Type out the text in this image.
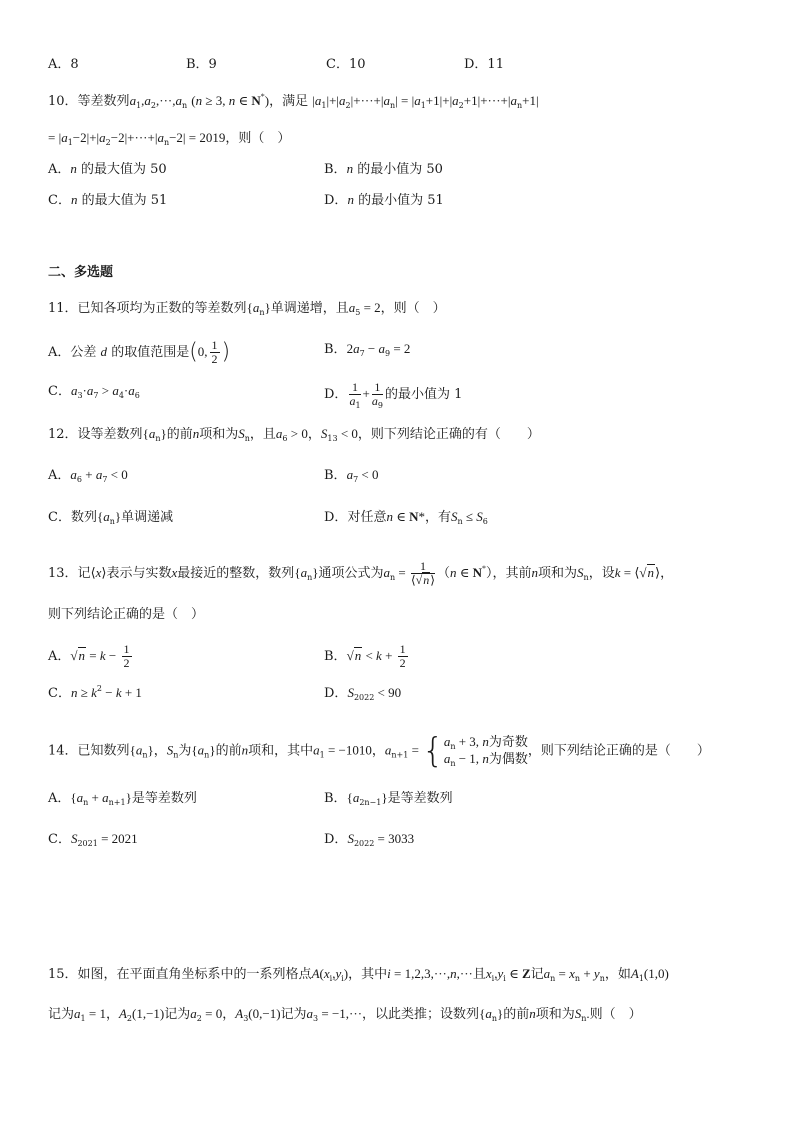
A．8	B．9	C．10	D．11
10．等差数列$a_1,a_2,\cdot\cdot\cdot,a_n$ (n ≥ 3, n ∈ N*)，满足 $|a_1|+|a_2|+\cdot\cdot\cdot+|a_n| = |a_1+1|+|a_2+1|+\cdot\cdot\cdot+|a_n+1|$
= $|a_1-2|+|a_2-2|+\cdot\cdot\cdot+|a_n-2| = 2019$，则（　）
A．n 的最大值为 50	B．n 的最小值为 50
C．n 的最大值为 51	D．n 的最小值为 51
二、多选题
11．已知各项均为正数的等差数列$\{a_n\}$单调递增，且$a_5 = 2$，则（　）
A．公差 d 的取值范围是(0, $\frac{1}{2}$ )	B．$2a_7 - a_9 = 2$
C．$a_3\cdot a_7 > a_4\cdot a_6$	D． $\frac{1}{a_1} + \frac{1}{a_9}$ 的最小值为 1
12．设等差数列$\{a_n\}$的前n项和为$S_n$，且$a_6 > 0$，$S_{13} < 0$，则下列结论正确的有（　　）
A．$a_6 + a_7 < 0$	B．$a_7 < 0$
C．数列$\{a_n\}$单调递减	D．对任意n ∈ N*，有$S_n \le S_6$
13．记⟨x⟩表示与实数x最接近的整数，数列$\{a_n\}$通项公式为$a_n = \frac{1}{⟨√n⟩} (n$ ∈ N*），其前n项和为$S_n$，设k = ⟨√n⟩，
则下列结论正确的是（　）
A．$√n = k - \frac{1}{2}$	B．$√n < k + \frac{1}{2}$
C．$n \ge k^2 - k + 1$	D．$S_{2022} < 90$
14．已知数列$\{a_n\}$，$S_n$为$\{a_n\}$的前n项和，其中$a_1 = -1010$，$a_{n+1}$ = { $a_n + 3$, n为奇数
$a_n - 1$, n为偶数
，则下列结论正确的是（　　）
A．$\{a_n + a_{n+1}\}$是等差数列	B．$\{a_{2n-1}\}$是等差数列
C．$S_{2021} = 2021$	D．$S_{2022} = 3033$
15．如图，在平面直角坐标系中的一系列格点$A(x_i,y_i)$，其中i = 1,2,3,···,n,···且$x_i,y_i$ ∈ Z记$a_n = x_n + y_n$，如$A_1(1,0)$
记为$a_1 = 1$，$A_2(1,-1)$记为$a_2 = 0$，$A_3(0,-1)$记为$a_3 = -1,\cdot\cdot\cdot$，以此类推；设数列$\{a_n\}$的前n项和为$S_n$.则（　）
